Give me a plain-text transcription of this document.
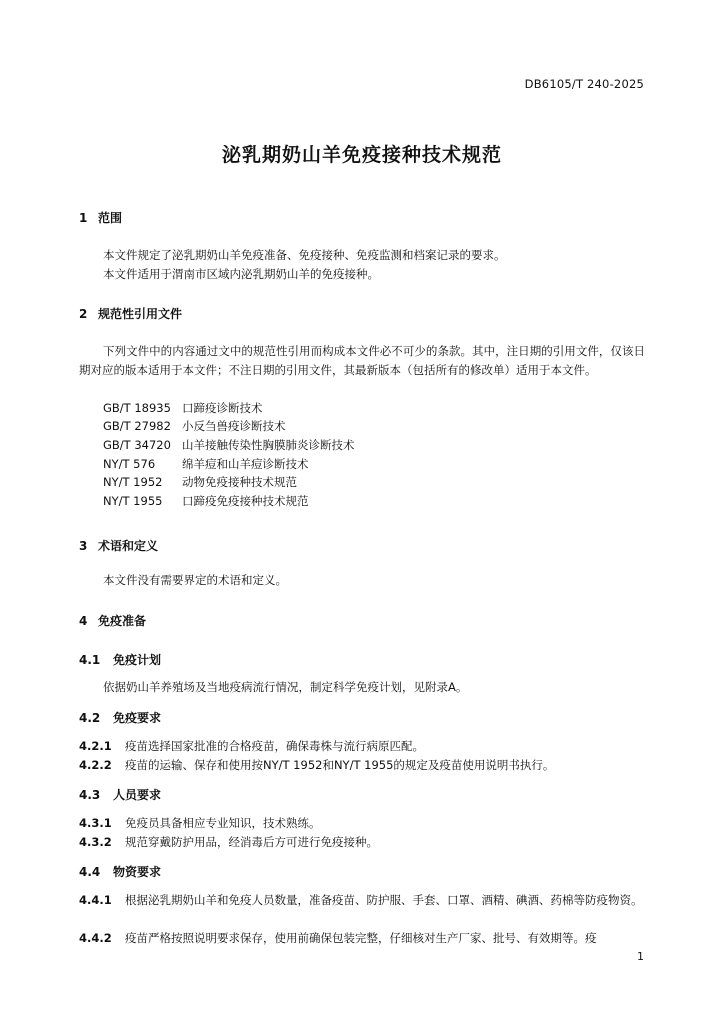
DB6105/T 240-2025
泌乳期奶山羊免疫接种技术规范
1 范围
本文件规定了泌乳期奶山羊免疫准备、免疫接种、免疫监测和档案记录的要求。
本文件适用于渭南市区域内泌乳期奶山羊的免疫接种。
2 规范性引用文件
下列文件中的内容通过文中的规范性引用而构成本文件必不可少的条款。其中，注日期的引用文件，仅该日期对应的版本适用于本文件；不注日期的引用文件，其最新版本（包括所有的修改单）适用于本文件。
GB/T 18935 口蹄疫诊断技术
GB/T 27982 小反刍兽疫诊断技术
GB/T 34720 山羊接触传染性胸膜肺炎诊断技术
NY/T 576 绵羊痘和山羊痘诊断技术
NY/T 1952 动物免疫接种技术规范
NY/T 1955 口蹄疫免疫接种技术规范
3 术语和定义
本文件没有需要界定的术语和定义。
4 免疫准备
4.1 免疫计划
依据奶山羊养殖场及当地疫病流行情况，制定科学免疫计划，见附录A。
4.2 免疫要求
4.2.1 疫苗选择国家批准的合格疫苗，确保毒株与流行病原匹配。
4.2.2 疫苗的运输、保存和使用按NY/T 1952和NY/T 1955的规定及疫苗使用说明书执行。
4.3 人员要求
4.3.1 免疫员具备相应专业知识，技术熟练。
4.3.2 规范穿戴防护用品，经消毒后方可进行免疫接种。
4.4 物资要求
4.4.1 根据泌乳期奶山羊和免疫人员数量，准备疫苗、防护服、手套、口罩、酒精、碘酒、药棉等防疫物资。
4.4.2 疫苗严格按照说明要求保存，使用前确保包装完整，仔细核对生产厂家、批号、有效期等。疫
1
